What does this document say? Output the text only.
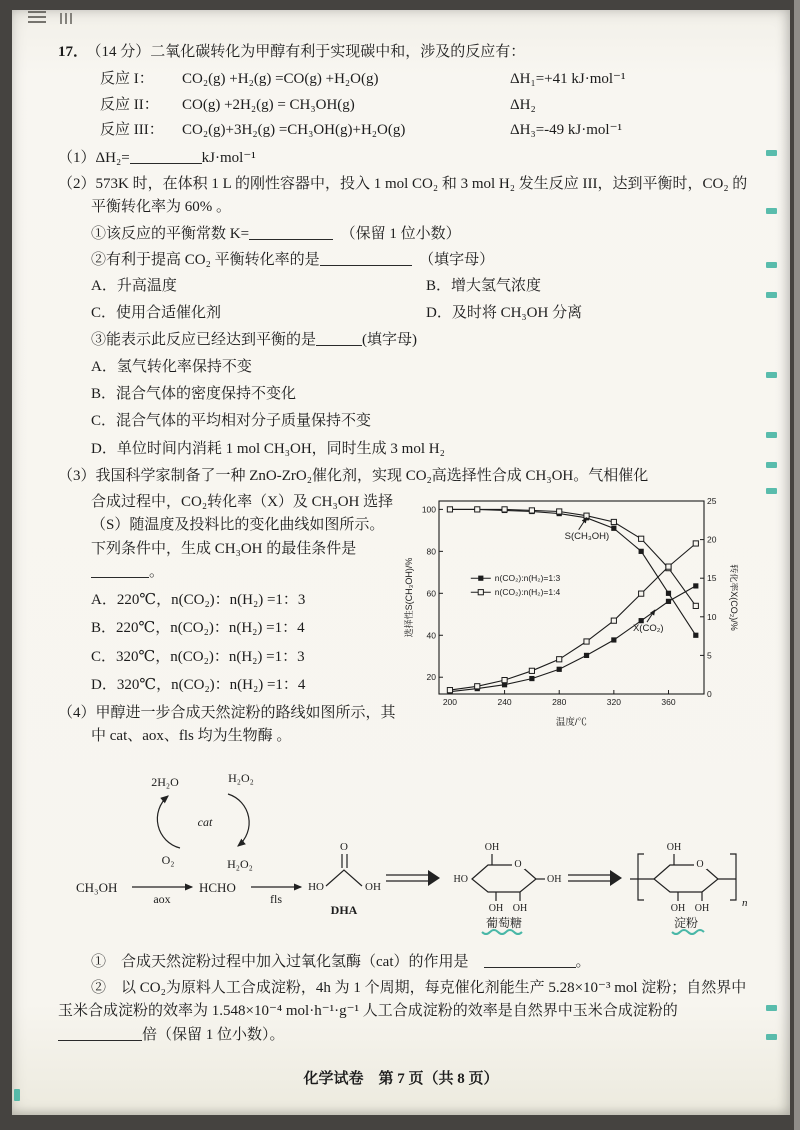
17． （14 分）二氧化碳转化为甲醇有利于实现碳中和，涉及的反应有：
反应 I：	CO₂(g) +H₂(g) =CO(g) +H₂O(g)	ΔH₁=+41 kJ·mol⁻¹
反应 II：	CO(g) +2H₂(g) = CH₃OH(g)	ΔH₂
反应 III：	CO₂(g)+3H₂(g) =CH₃OH(g)+H₂O(g)	ΔH₃=-49 kJ·mol⁻¹
（1）ΔH₂=	kJ·mol⁻¹

（2）573K 时，在体积 1 L 的刚性容器中，投入 1 mol CO₂ 和 3 mol H₂ 发生反应 III，达到平衡时，CO₂ 的平衡转化率为 60% 。

①该反应的平衡常数 K=　	（保留 1 位小数）
②有利于提高 CO₂ 平衡转化率的是　	（填字母）
A．升高温度	B．增大氢气浓度
C．使用合适催化剂	D．及时将 CH₃OH 分离
③能表示此反应已经达到平衡的是	(填字母)
A．氢气转化率保持不变
B．混合气体的密度保持不变化
C．混合气体的平均相对分子质量保持不变
D．单位时间内消耗 1 mol CH₃OH，同时生成 3 mol H₂

（3）我国科学家制备了一种 ZnO-ZrO₂催化剂，实现 CO₂高选择性合成 CH₃OH。气相催化

200	240	280	320	360
20
40
60
80
100
0
5
10
15
20
25
n(CO₂):n(H₂)=1:3
n(CO₂):n(H₂)=1:4
S(CH₃OH)
X(CO₂)
选择性S(CH₃OH)/%	转化率X(CO₂)/%
温度/℃

合成过程中，CO₂转化率（X）及 CH₃OH 选择（S）随温度及投料比的变化曲线如图所示。下列条件中，生成 CH₃OH 的最佳条件是 。

A．220℃，n(CO₂)：n(H₂) =1：3
B．220℃，n(CO₂)：n(H₂) =1：4
C．320℃，n(CO₂)：n(H₂) =1：3
D．320℃，n(CO₂)：n(H₂) =1：4

（4）甲醇进一步合成天然淀粉的路线如图所示，其中 cat、aox、fls 均为生物酶 。

2H₂O	H₂O₂
cat
O₂	H₂O₂
CH₃OH
aox
HCHO
fls
O
HO	OH
DHA
O
OH
HO	OH
OH OH
葡萄糖
O
OH
OH OH	n
淀粉
①　合成天然淀粉过程中加入过氧化氢酶（cat）的作用是　	。

②　以 CO₂为原料人工合成淀粉，4h 为 1 个周期，每克催化剂能生产 5.28×10⁻³ mol 淀粉；自然界中玉米合成淀粉的效率为 1.548×10⁻⁴ mol·h⁻¹·g⁻¹ 人工合成淀粉的效率是自然界中玉米合成淀粉的倍（保留 1 位小数）。

化学试卷　第 7 页（共 8 页）
